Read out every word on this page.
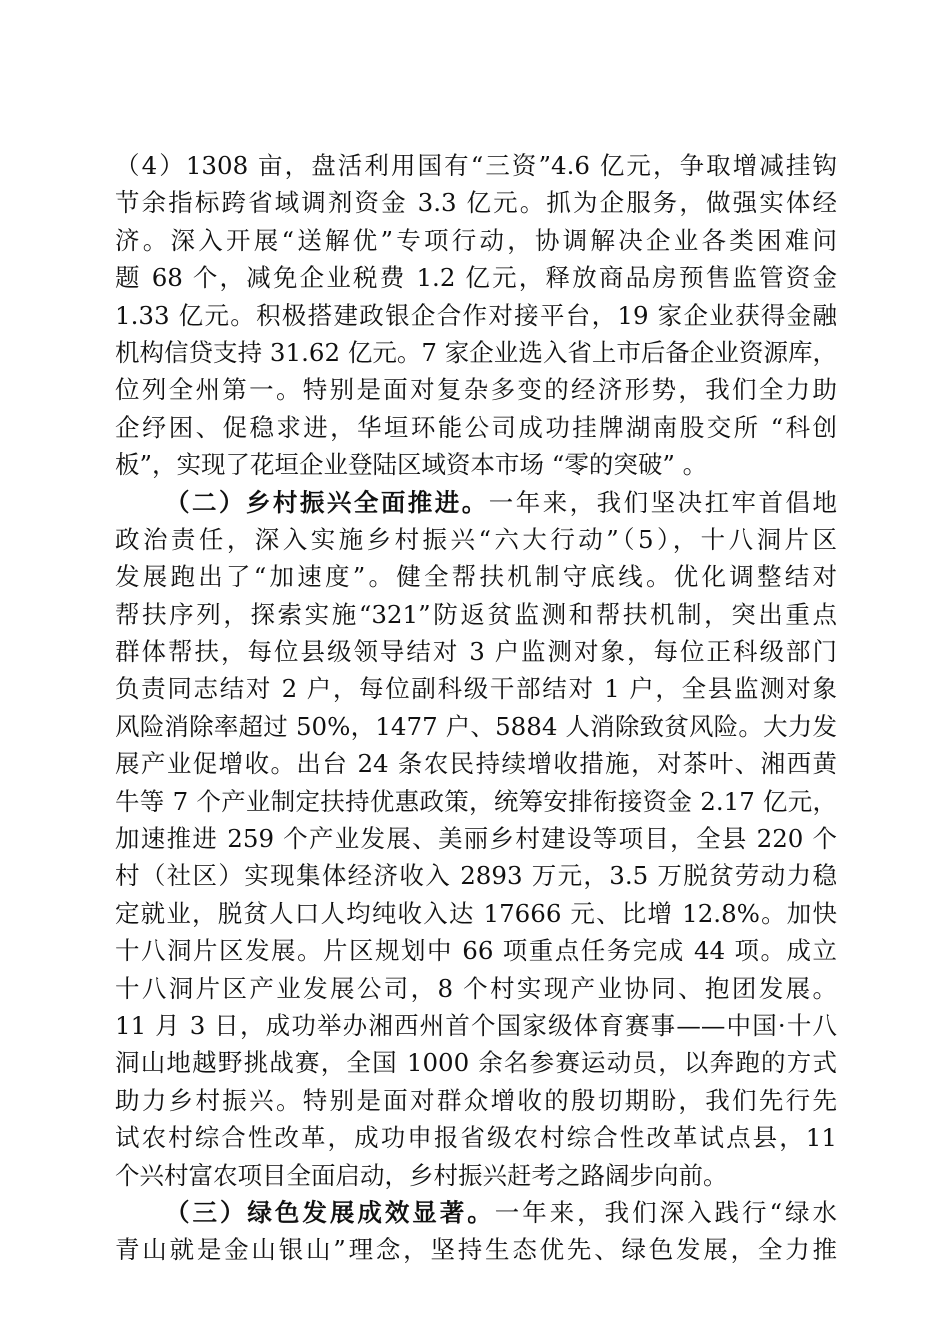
（4）1308 亩，盘活利用国有“三资”4.6 亿元，争取增减挂钩
节余指标跨省域调剂资金 3.3 亿元。抓为企服务，做强实体经
济。深入开展“送解优”专项行动，协调解决企业各类困难问
题 68 个，减免企业税费 1.2 亿元，释放商品房预售监管资金
1.33 亿元。积极搭建政银企合作对接平台，19 家企业获得金融
机构信贷支持 31.62 亿元。7 家企业选入省上市后备企业资源库，
位列全州第一。特别是面对复杂多变的经济形势，我们全力助
企纾困、促稳求进，华垣环能公司成功挂牌湖南股交所 “科创
板”，实现了花垣企业登陆区域资本市场 “零的突破” 。
（二）乡村振兴全面推进。一年来，我们坚决扛牢首倡地
政治责任，深入实施乡村振兴“六大行动”（5），十八洞片区
发展跑出了“加速度”。健全帮扶机制守底线。优化调整结对
帮扶序列，探索实施“321”防返贫监测和帮扶机制，突出重点
群体帮扶，每位县级领导结对 3 户监测对象，每位正科级部门
负责同志结对 2 户，每位副科级干部结对 1 户，全县监测对象
风险消除率超过 50%，1477 户、5884 人消除致贫风险。大力发
展产业促增收。出台 24 条农民持续增收措施，对茶叶、湘西黄
牛等 7 个产业制定扶持优惠政策，统筹安排衔接资金 2.17 亿元，
加速推进 259 个产业发展、美丽乡村建设等项目，全县 220 个
村（社区）实现集体经济收入 2893 万元，3.5 万脱贫劳动力稳
定就业，脱贫人口人均纯收入达 17666 元、比增 12.8%。加快
十八洞片区发展。片区规划中 66 项重点任务完成 44 项。成立
十八洞片区产业发展公司，8 个村实现产业协同、抱团发展。
11 月 3 日，成功举办湘西州首个国家级体育赛事——中国·十八
洞山地越野挑战赛，全国 1000 余名参赛运动员，以奔跑的方式
助力乡村振兴。特别是面对群众增收的殷切期盼，我们先行先
试农村综合性改革，成功申报省级农村综合性改革试点县，11
个兴村富农项目全面启动，乡村振兴赶考之路阔步向前。
（三）绿色发展成效显著。一年来，我们深入践行“绿水
青山就是金山银山”理念，坚持生态优先、绿色发展，全力推
